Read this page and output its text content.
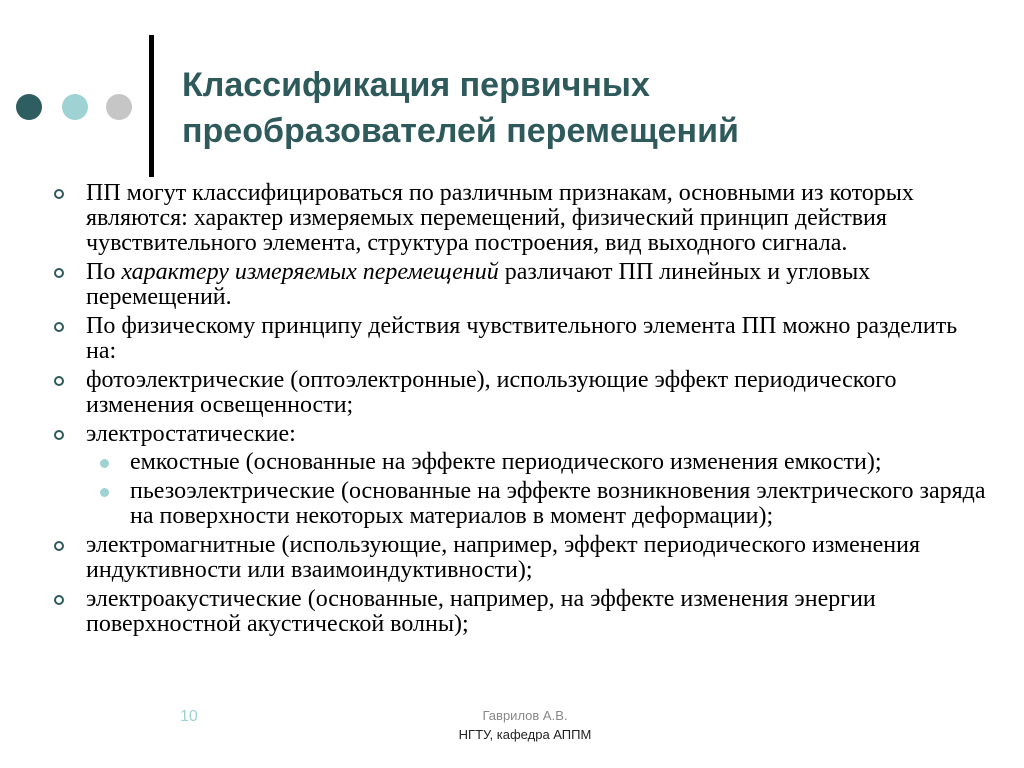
Классификация первичных
преобразователей перемещений
ПП могут классифицироваться по различным признакам, основными из которых являются: характер измеряемых перемещений, физический принцип действия чувствительного элемента, структура построения, вид выходного сигнала.
По характеру измеряемых перемещений различают ПП линейных и угловых перемещений.
По физическому принципу действия чувствительного элемента ПП можно разделить на:
фотоэлектрические (оптоэлектронные), использующие эффект периодического изменения освещенности;
электростатические:
емкостные (основанные на эффекте периодического изменения емкости);
пьезоэлектрические (основанные на эффекте возникновения электрического заряда на поверхности некоторых материалов в момент деформации);
электромагнитные (использующие, например, эффект периодического изменения индуктивности или взаимоиндуктивности);
электроакустические (основанные, например, на эффекте изменения энергии поверхностной акустической волны);
10	Гаврилов А.В.
НГТУ, кафедра АППМ
